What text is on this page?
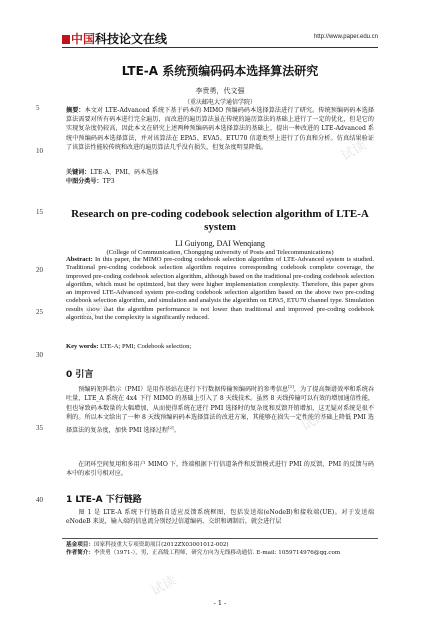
中国科技论文在线	http://www.paper.edu.cn
5
10
15
20
25
30
35
40
LTE-A 系统预编码码本选择算法研究
李贵勇，代文强
（重庆邮电大学通信学院）
摘要：本文对 LTE-Advanced 系统下基于码本的 MIMO 预编码码本选择算法进行了研究。传统预编码码本选择算法需要对所有码本进行完全遍历，而改进的遍历算法虽在传统的遍历算法的基础上进行了一定的优化，但是它的实现复杂度仍较高，因此本文在研究上述两种预编码码本选择算法的基础上，提出一种改进的 LTE-Advanced 系统中预编码码本选择算法，并对该算法在 EPA5、EVA5、ETU70 信道类型上进行了仿真和分析。仿真结果验证了该算法性能较传统和改进的遍历算法几乎没有损失，但复杂度明显降低。
关键词：LTE-A、PMI、码本选择
中图分类号：TP3
Research on pre-coding codebook selection algorithm of LTE-A system
LI Guiyong, DAI Wenqiang
(College of Communication, Chongqing university of Posts and Telecommunications)
Abstract: In this paper, the MIMO pre-coding codebook selection algorithm of LTE-Advanced system is studied. Traditional pre-coding codebook selection algorithm requires corresponding codebook complete coverage, the improved pre-coding codebook selection algorithm, although based on the traditional pre-coding codebook selection algorithm, which must be optimized, but they were higher implementation complexity. Therefore, this paper gives an improved LTE-Advanced system pre-coding codebook selection algorithm based on the above two pre-coding codebook selection algorithm, and simulation and analysis the algorithm on EPA5, ETU70 channel type. Simulation results show that the algorithm performance is not lower than traditional and improved pre-coding codebook algorithm, but the complexity is significantly reduced.
Key words: LTE-A; PMI; Codebook selection;
0 引言
预编码矩阵指示（PMI）是用作基站在进行下行数据传输预编码时的参考信息[1]，为了提高频谱效率和系统吞吐量，LTE_A 系统在 4x4 下行 MIMO 的基础上引入了 8 天线技术。虽然 8 天线传输可以有效的增加通信性能，但也导致码本数量的大幅增加，从而使得系统在进行 PMI 选择时的复杂度和反馈开销增加，这无疑对系统是很不利的。所以本文给出了一种 8 天线预编码码本选择算法的改进方案，其能够在损失一定性能的基础上降低 PMI 选择算法的复杂度，加快 PMI 选择过程[2]。
在闭环空间复用和多用户 MIMO 下，终端根据下行信道条件和反馈模式进行 PMI 的反馈，PMI 的反馈与码本中的索引号相对应。
1 LTE-A 下行链路
图 1 是 LTE-A 系统下行链路自适应反馈系统框图，包括发送端(eNodeB)和接收端(UE)。对于发送端 eNodeB 来说，输入端的信息流分别经过信道编码、交织和调制后，就会进行层
基金项目：国家科技重大专项资助项目(2012ZX03001012-002)
作者简介：李贵勇（1971-），男，正高级工程师，研究方向为无线移动通信. E-mail: 1059714976@qq.com
- 1 -
试读
试读
试读
试读
